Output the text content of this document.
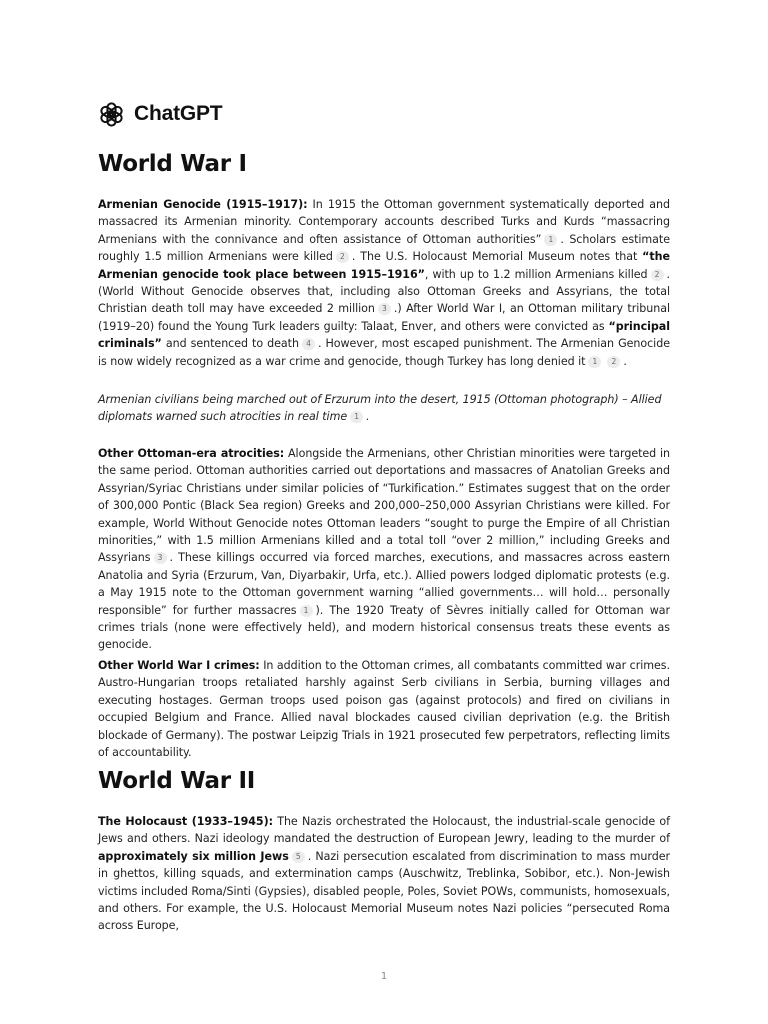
ChatGPT
World War I

Armenian Genocide (1915–1917): In 1915 the Ottoman government systematically deported and massacred its Armenian minority. Contemporary accounts described Turks and Kurds “massacring Armenians with the connivance and often assistance of Ottoman authorities” 1 . Scholars estimate roughly 1.5 million Armenians were killed 2 . The U.S. Holocaust Memorial Museum notes that “the Armenian genocide took place between 1915–1916”, with up to 1.2 million Armenians killed 2 . (World Without Genocide observes that, including also Ottoman Greeks and Assyrians, the total Christian death toll may have exceeded 2 million 3 .) After World War I, an Ottoman military tribunal (1919–20) found the Young Turk leaders guilty: Talaat, Enver, and others were convicted as “principal criminals” and sentenced to death 4 . However, most escaped punishment. The Armenian Genocide is now widely recognized as a war crime and genocide, though Turkey has long denied it 1 2 .

Armenian civilians being marched out of Erzurum into the desert, 1915 (Ottoman photograph) – Allied diplomats warned such atrocities in real time 1 .

Other Ottoman-era atrocities: Alongside the Armenians, other Christian minorities were targeted in the same period. Ottoman authorities carried out deportations and massacres of Anatolian Greeks and Assyrian/Syriac Christians under similar policies of “Turkification.” Estimates suggest that on the order of 300,000 Pontic (Black Sea region) Greeks and 200,000–250,000 Assyrian Christians were killed. For example, World Without Genocide notes Ottoman leaders “sought to purge the Empire of all Christian minorities,” with 1.5 million Armenians killed and a total toll “over 2 million,” including Greeks and Assyrians 3 . These killings occurred via forced marches, executions, and massacres across eastern Anatolia and Syria (Erzurum, Van, Diyarbakir, Urfa, etc.). Allied powers lodged diplomatic protests (e.g. a May 1915 note to the Ottoman government warning “allied governments… will hold… personally responsible” for further massacres 1 ). The 1920 Treaty of Sèvres initially called for Ottoman war crimes trials (none were effectively held), and modern historical consensus treats these events as genocide.

Other World War I crimes: In addition to the Ottoman crimes, all combatants committed war crimes. Austro-Hungarian troops retaliated harshly against Serb civilians in Serbia, burning villages and executing hostages. German troops used poison gas (against protocols) and fired on civilians in occupied Belgium and France. Allied naval blockades caused civilian deprivation (e.g. the British blockade of Germany). The postwar Leipzig Trials in 1921 prosecuted few perpetrators, reflecting limits of accountability.

World War II

The Holocaust (1933–1945): The Nazis orchestrated the Holocaust, the industrial-scale genocide of Jews and others. Nazi ideology mandated the destruction of European Jewry, leading to the murder of approximately six million Jews 5 . Nazi persecution escalated from discrimination to mass murder in ghettos, killing squads, and extermination camps (Auschwitz, Treblinka, Sobibor, etc.). Non-Jewish victims included Roma/Sinti (Gypsies), disabled people, Poles, Soviet POWs, communists, homosexuals, and others. For example, the U.S. Holocaust Memorial Museum notes Nazi policies “persecuted Roma across Europe,

1
